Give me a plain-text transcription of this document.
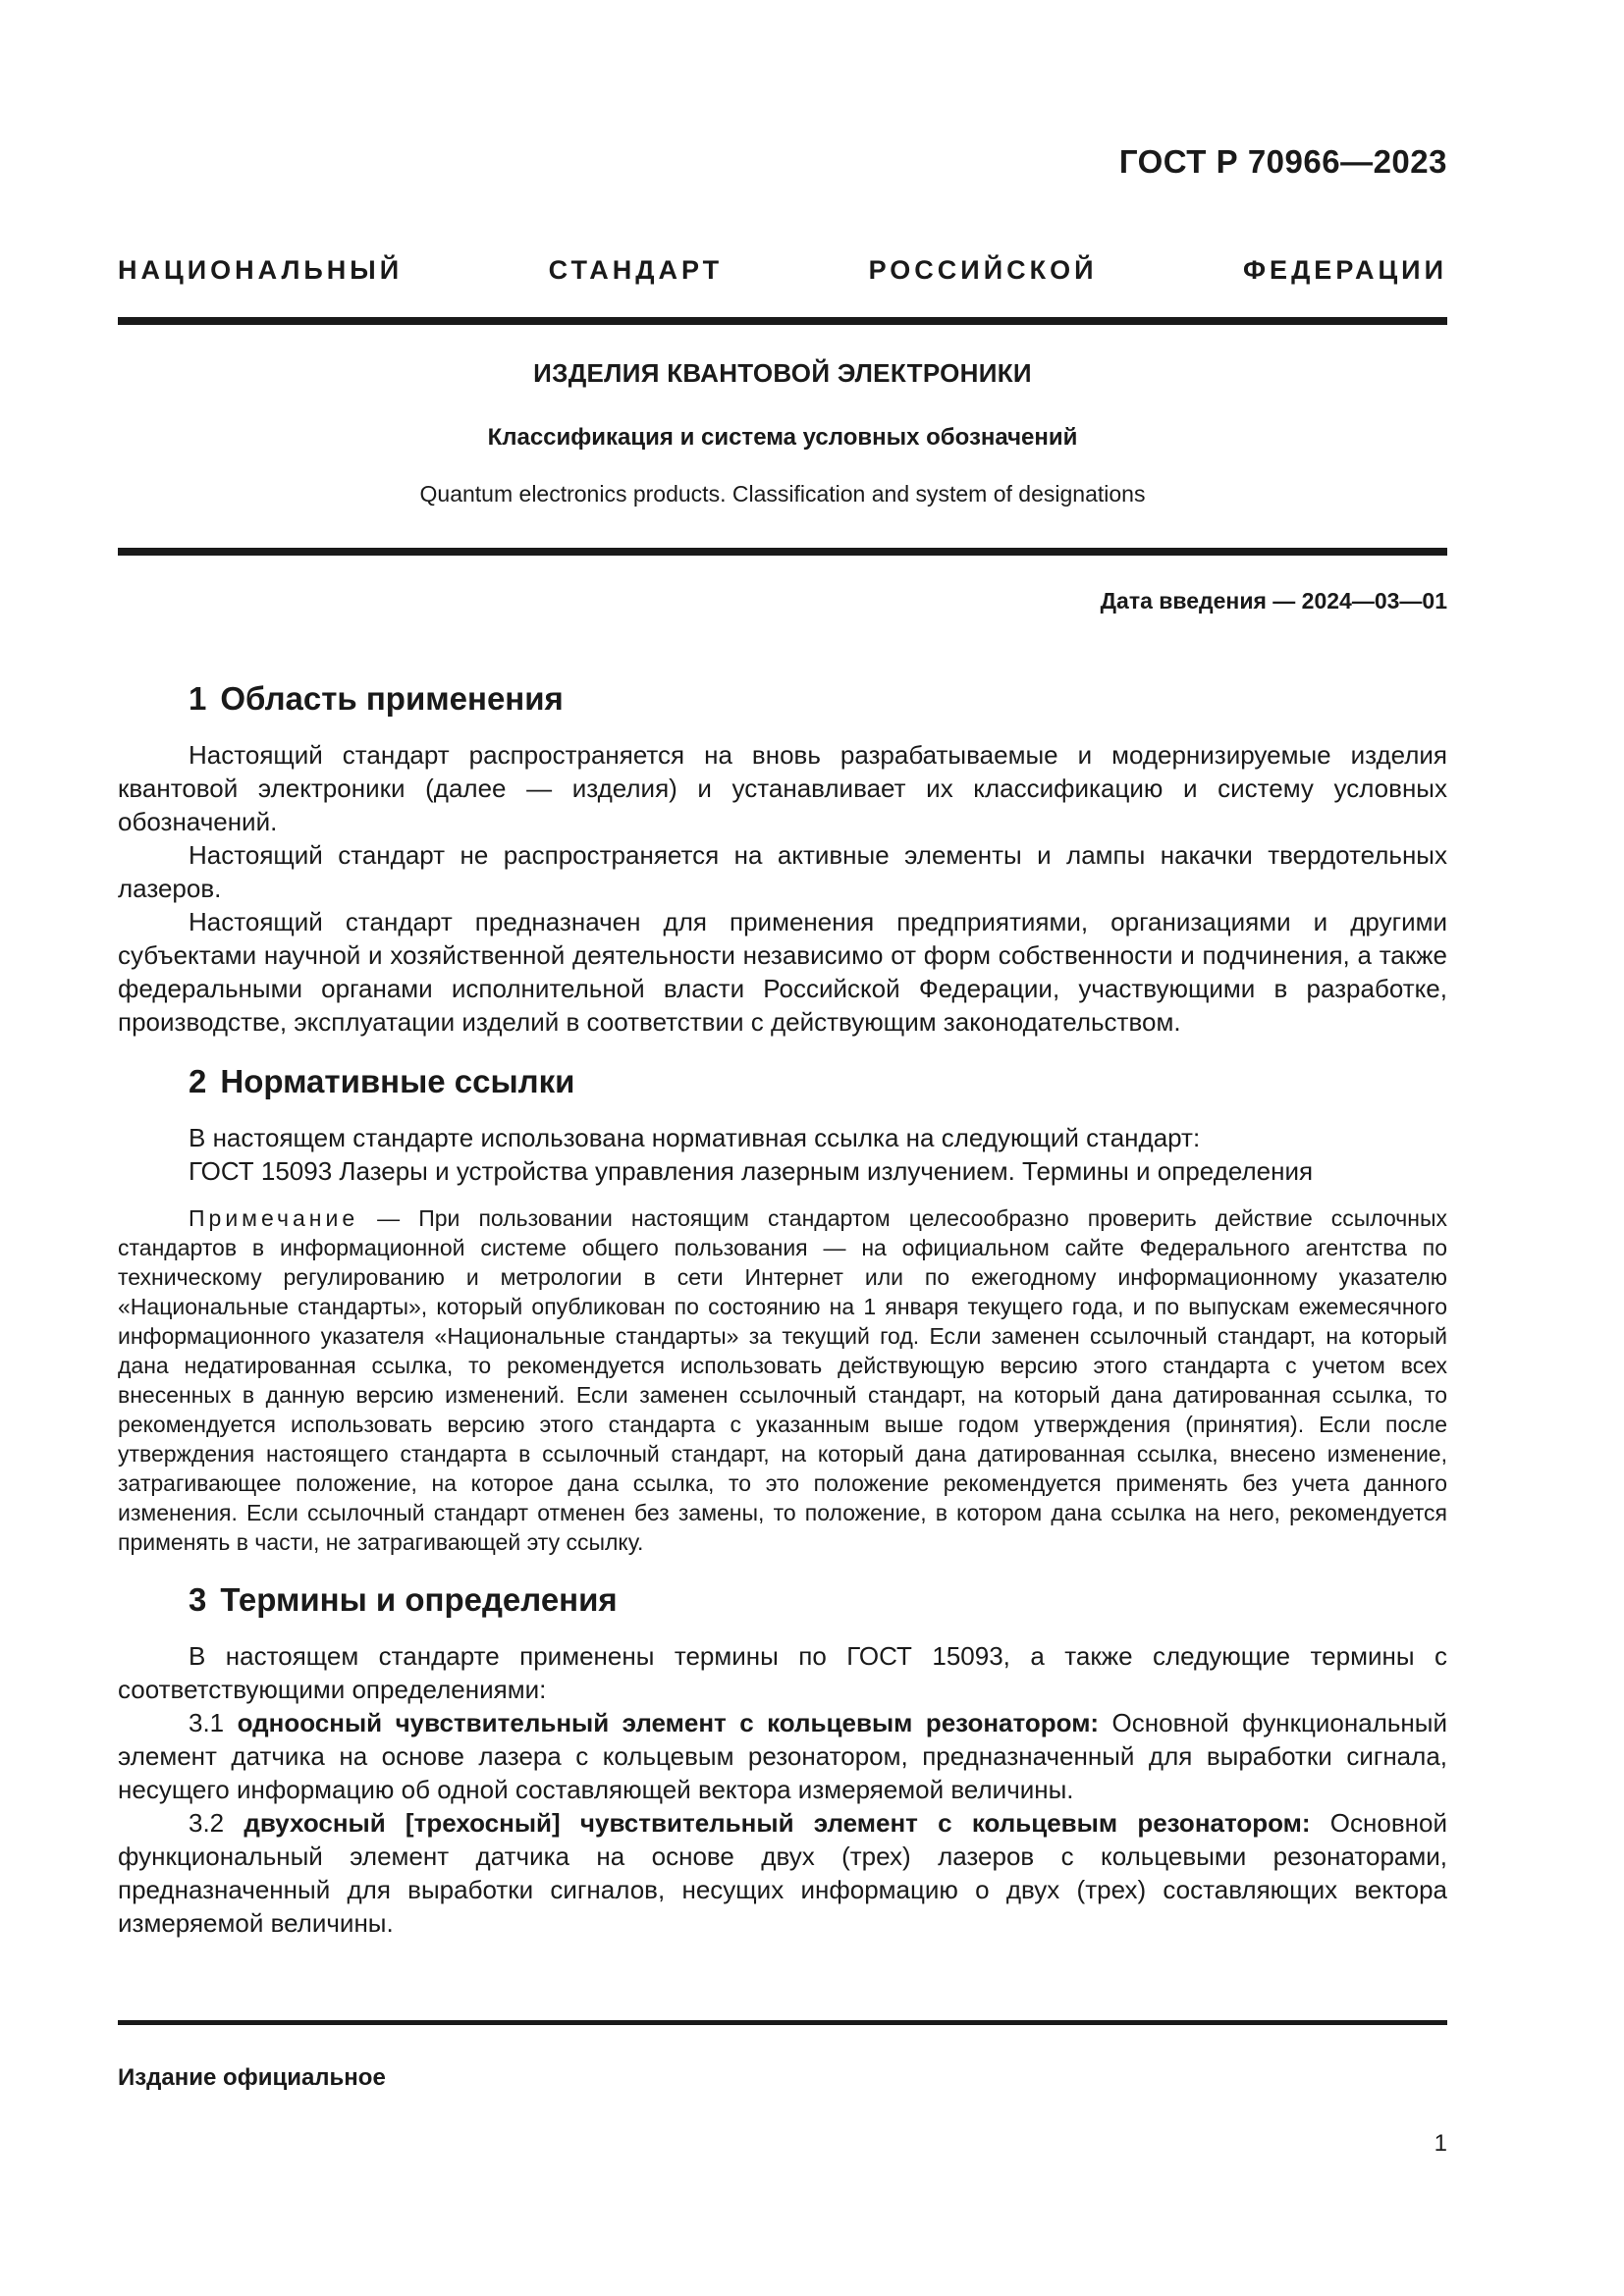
ГОСТ Р 70966—2023
НАЦИОНАЛЬНЫЙ	СТАНДАРТ	РОССИЙСКОЙ	ФЕДЕРАЦИИ
ИЗДЕЛИЯ КВАНТОВОЙ ЭЛЕКТРОНИКИ
Классификация и система условных обозначений
Quantum electronics products. Classification and system of designations
Дата введения — 2024—03—01
1 Область применения

Настоящий стандарт распространяется на вновь разрабатываемые и модернизируемые изделия квантовой электроники (далее — изделия) и устанавливает их классификацию и систему условных обозначений.

Настоящий стандарт не распространяется на активные элементы и лампы накачки твердотельных лазеров.

Настоящий стандарт предназначен для применения предприятиями, организациями и другими субъектами научной и хозяйственной деятельности независимо от форм собственности и подчинения, а также федеральными органами исполнительной власти Российской Федерации, участвующими в разработке, производстве, эксплуатации изделий в соответствии с действующим законодательством.

2 Нормативные ссылки

В настоящем стандарте использована нормативная ссылка на следующий стандарт:

ГОСТ 15093 Лазеры и устройства управления лазерным излучением. Термины и определения

Примечание — При пользовании настоящим стандартом целесообразно проверить действие ссылочных стандартов в информационной системе общего пользования — на официальном сайте Федерального агентства по техническому регулированию и метрологии в сети Интернет или по ежегодному информационному указателю «Национальные стандарты», который опубликован по состоянию на 1 января текущего года, и по выпускам ежемесячного информационного указателя «Национальные стандарты» за текущий год. Если заменен ссылочный стандарт, на который дана недатированная ссылка, то рекомендуется использовать действующую версию этого стандарта с учетом всех внесенных в данную версию изменений. Если заменен ссылочный стандарт, на который дана датированная ссылка, то рекомендуется использовать версию этого стандарта с указанным выше годом утверждения (принятия). Если после утверждения настоящего стандарта в ссылочный стандарт, на который дана датированная ссылка, внесено изменение, затрагивающее положение, на которое дана ссылка, то это положение рекомендуется применять без учета данного изменения. Если ссылочный стандарт отменен без замены, то положение, в котором дана ссылка на него, рекомендуется применять в части, не затрагивающей эту ссылку.

3 Термины и определения

В настоящем стандарте применены термины по ГОСТ 15093, а также следующие термины с соответствующими определениями:

3.1 одноосный чувствительный элемент с кольцевым резонатором: Основной функциональный элемент датчика на основе лазера с кольцевым резонатором, предназначенный для выработки сигнала, несущего информацию об одной составляющей вектора измеряемой величины.

3.2 двухосный [трехосный] чувствительный элемент с кольцевым резонатором: Основной функциональный элемент датчика на основе двух (трех) лазеров с кольцевыми резонаторами, предназначенный для выработки сигналов, несущих информацию о двух (трех) составляющих вектора измеряемой величины.

Издание официальное
1
